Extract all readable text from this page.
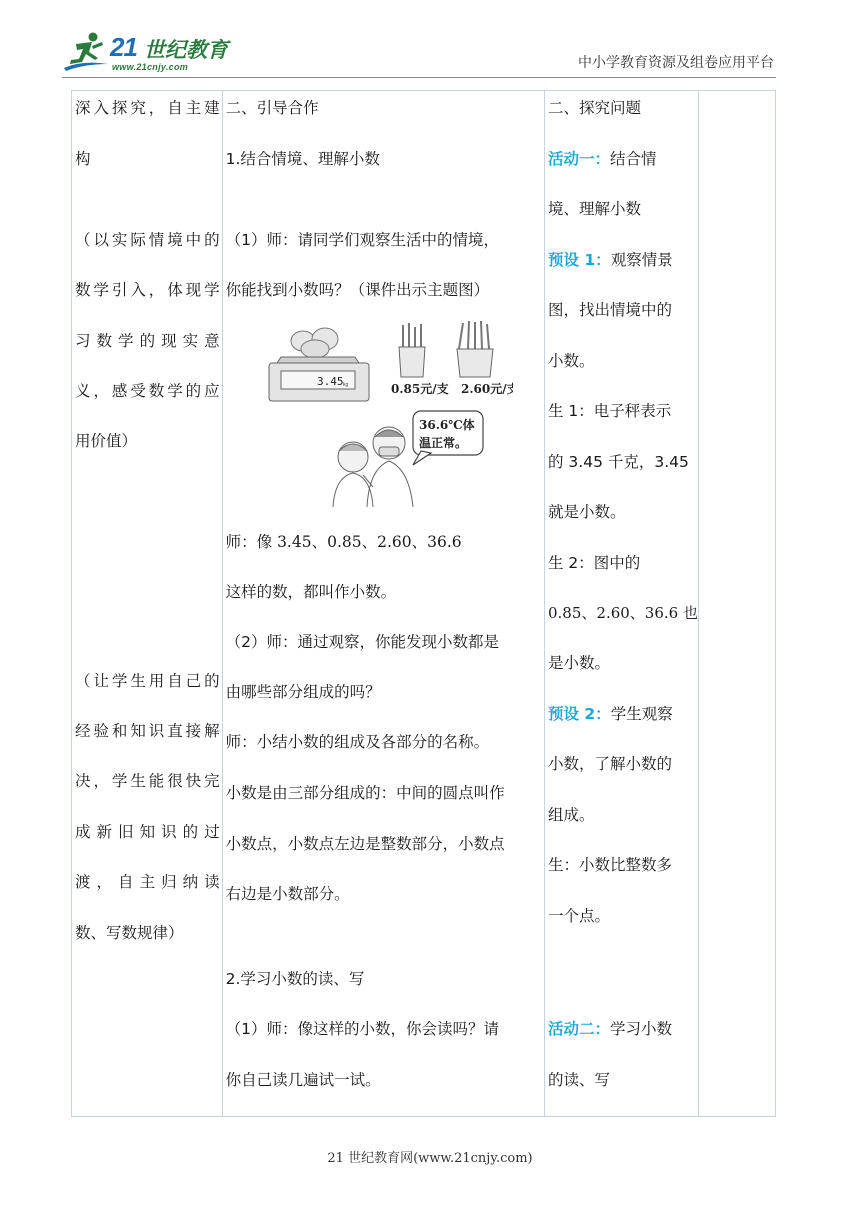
21 世纪教育
www.21cnjy.com	中小学教育资源及组卷应用平台
深入探究，自主建
构
（以实际情境中的
数学引入，体现学
习数学的现实意
义，感受数学的应
用价值）
（让学生用自己的
经验和知识直接解
决，学生能很快完
成新旧知识的过
渡，自主归纳读
数、写数规律）

二、引导合作
1.结合情境、理解小数
（1）师：请同学们观察生活中的情境，
你能找到小数吗？（课件出示主题图）
3.45 kg	0.85元/支 2.60元/支
36.6℃体
温正常。
师：像 3.45、0.85、2.60、36.6
这样的数，都叫作小数。
（2）师：通过观察，你能发现小数都是
由哪些部分组成的吗？
师：小结小数的组成及各部分的名称。
小数是由三部分组成的：中间的圆点叫作
小数点，小数点左边是整数部分，小数点
右边是小数部分。
2.学习小数的读、写
（1）师：像这样的小数，你会读吗？请
你自己读几遍试一试。

二、探究问题
活动一：结合情
境、理解小数
预设 1：观察情景
图，找出情境中的
小数。
生 1：电子秤表示
的 3.45 千克，3.45
就是小数。
生 2：图中的
0.85、2.60、36.6 也
是小数。
预设 2：学生观察
小数，了解小数的
组成。
生：小数比整数多
一个点。
活动二：学习小数
的读、写

21 世纪教育网(www.21cnjy.com)
